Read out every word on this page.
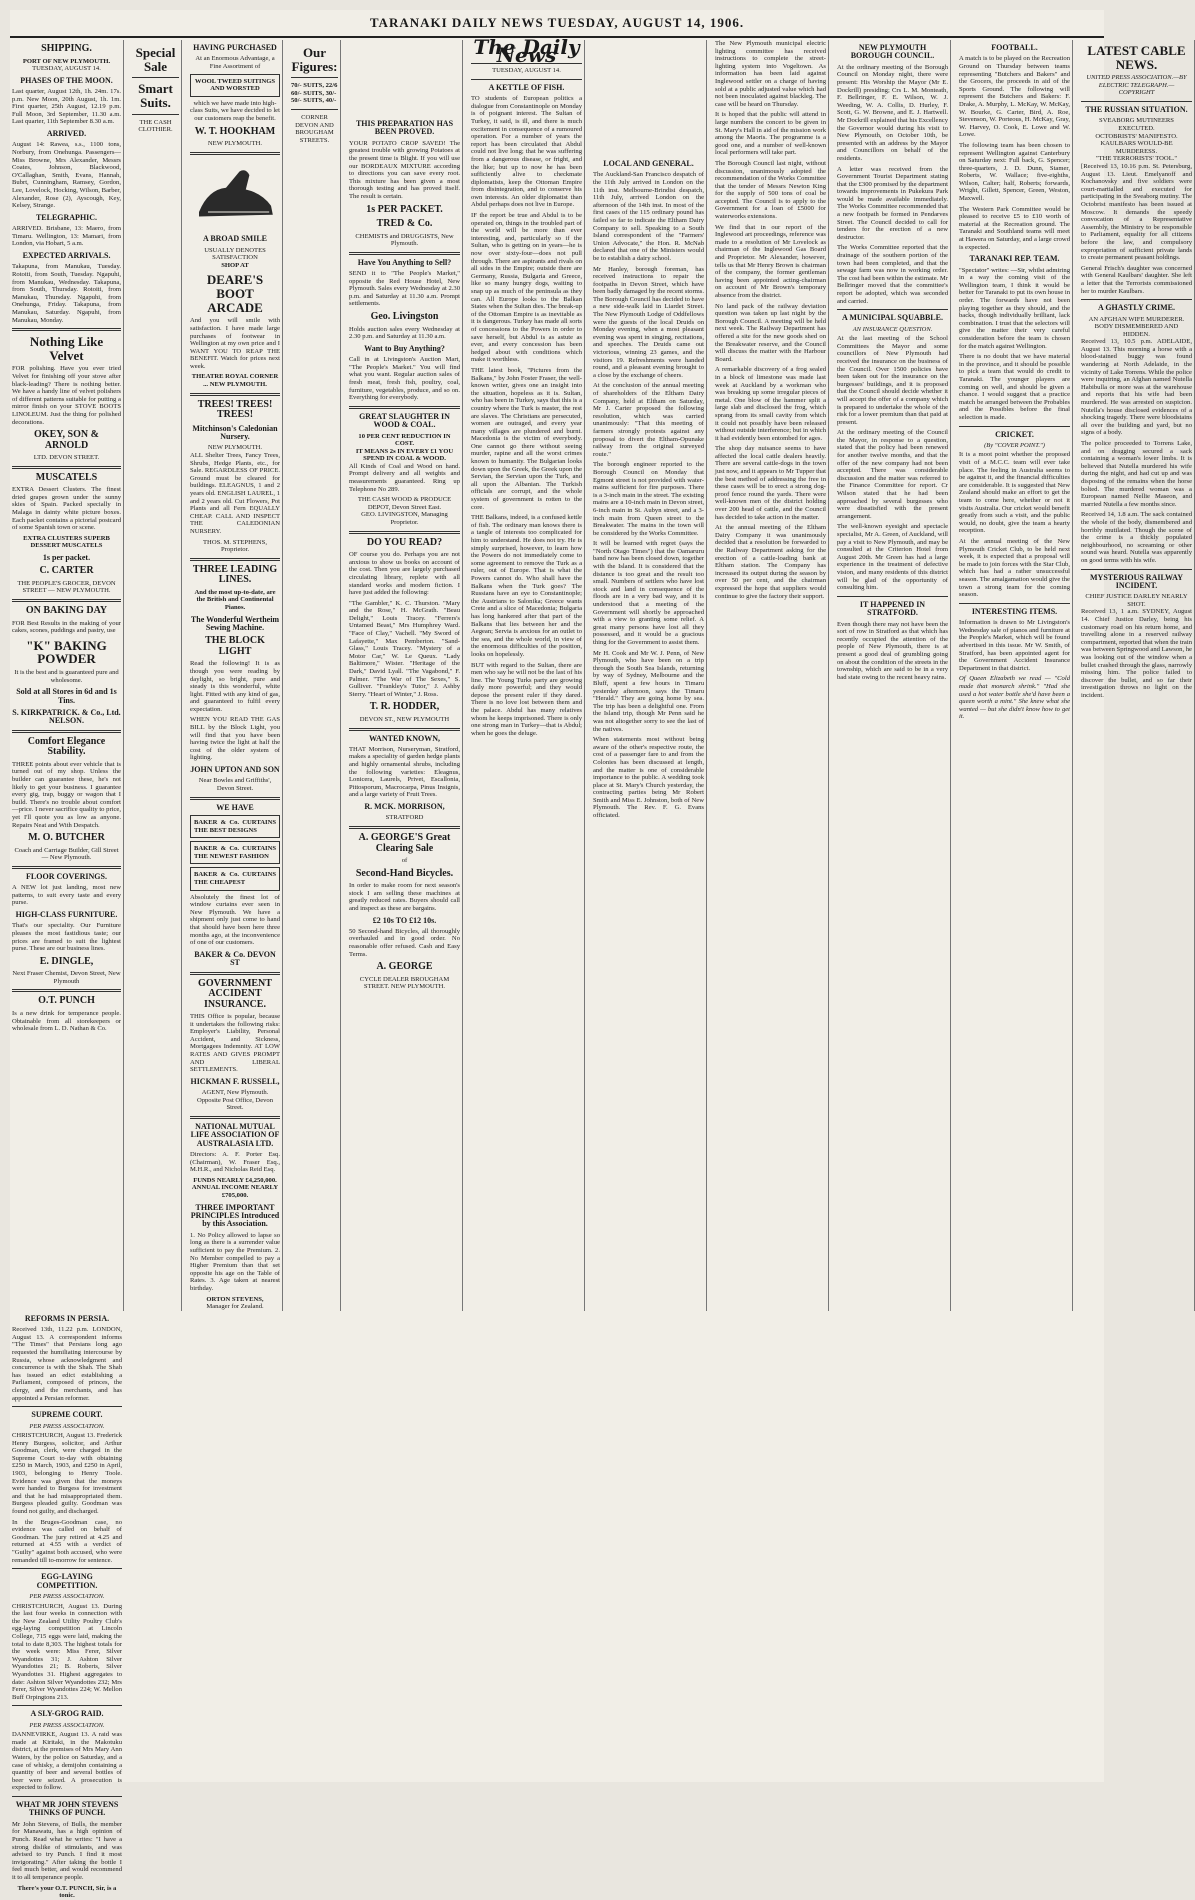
TARANAKI DAILY NEWS TUESDAY, AUGUST 14, 1906.
SHIPPING.
PORT OF NEW PLYMOUTH.
TUESDAY, AUGUST 14.
PHASES OF THE MOON.

Last quarter, August 12th, 1h. 24m. 17s. p.m. New Moon, 20th August, 1h. 1m. First quarter, 25th August, 12.19 p.m. Full Moon, 3rd September, 11.30 a.m. Last quarter, 11th September 8.30 a.m.

ARRIVED.

August 14: Rawea, s.s., 1100 tons, Norbury, from Onehunga. Passengers—Miss Browne, Mrs Alexander, Messrs Coates, Johnson, Blackwood, O'Callaghan, Smith, Evans, Hannah, Bubrt, Cunningham, Ramsey, Gordon, Lee, Lovelock, Hocking, Wilson, Barber, Alexander, Rose (2), Ayscough, Key, Kelsey, Strange.

TELEGRAPHIC.

ARRIVED. Brisbane, 13: Maero, from Timaru. Wellington, 13: Mamari, from London, via Hobart, 5 a.m.

EXPECTED ARRIVALS.

Takapuna, from Manukau, Tuesday. Rotoiti, from South, Tuesday. Ngapuhi, from Manukau, Wednesday. Takapuna, from South, Thursday. Rotoiti, from Manukau, Thursday. Ngapuhi, from Onehunga, Friday. Takapuna, from Manukau, Saturday. Ngapuhi, from Manukau, Monday.

Nothing Like Velvet

FOR polishing. Have you ever tried Velvet for finishing off your stove after black-leading? There is nothing better. We have a handy line of velvet polishers of different patterns suitable for putting a mirror finish on your STOVE BOOTS LINOLEUM. Just the thing for polished decorations.

OKEY, SON & ARNOLD
LTD. DEVON STREET.
MUSCATELS

EXTRA Dessert Clusters. The finest dried grapes grown under the sunny skies of Spain. Packed specially in Malaga in dainty white picture boxes. Each packet contains a pictorial postcard of some Spanish town or scene.

EXTRA CLUSTERS SUPERB DESSERT MUSCATELS
1s per packet.
C. CARTER
THE PEOPLE'S GROCER, DEVON STREET — NEW PLYMOUTH.
ON BAKING DAY

FOR Best Results in the making of your cakes, scones, puddings and pastry, use

"K" BAKING POWDER

It is the best and is guaranteed pure and wholesome.

Sold at all Stores in 6d and 1s Tins.
S. KIRKPATRICK. & Co., Ltd. NELSON.
Comfort Elegance Stability.

THREE points about ever vehicle that is turned out of my shop. Unless the builder can guarantee these, he's not likely to get your business. I guarantee every gig, trap, buggy or wagon that I build. There's no trouble about comfort—price. I never sacrifice quality to price, yet I'll quote you as low as anyone. Repairs Neat and With Despatch.

M. O. BUTCHER
Coach and Carriage Builder, Gill Street — New Plymouth.
FLOOR COVERINGS.

A NEW lot just landing, most new patterns, to suit every taste and every purse.

HIGH-CLASS FURNITURE.

That's our speciality. Our Furniture pleases the most fastidious taste; our prices are framed to suit the lightest purse. These are our business lines.

E. DINGLE,
Next Fraser Chemist, Devon Street, New Plymouth
O.T. PUNCH

Is a new drink for temperance people. Obtainable from all storekeepers or wholesale from L. D. Nathan & Co.

Special Sale
Smart Suits.
THE CASH CLOTHIER.
HAVING PURCHASED

At an Enormous Advantage, a Fine Assortment of

WOOL TWEED SUITINGS AND WORSTED

which we have made into high-class Suits, we have decided to let our customers reap the benefit.

W. T. HOOKHAM
NEW PLYMOUTH.
A BROAD SMILE
USUALLY DENOTES SATISFACTION
SHOP AT
DEARE'S BOOT ARCADE

And you will smile with satisfaction. I have made large purchases of footwear in Wellington at my own price and I WANT YOU TO REAP THE BENEFIT. Watch for prices next week.

THEATRE ROYAL CORNER ... NEW PLYMOUTH.
TREES! TREES! TREES!
Mitchinson's Caledonian Nursery.
NEW PLYMOUTH.

ALL Shelter Trees, Fancy Trees, Shrubs, Hedge Plants, etc., for Sale. REGARDLESS OF PRICE. Ground must be cleared for buildings. ELEAGNUS, 1 and 2 years old. ENGLISH LAUREL, 1 and 2 years old. Cut Flowers, Pot Plants and all Fern EQUALLY CHEAP. CALL AND INSPECT THE CALEDONIAN NURSERY.

THOS. M. STEPHENS, Proprietor.
THREE LEADING LINES.

And the most up-to-date, are the British and Continental Pianos.

The Wonderful Wertheim Sewing Machine.
THE BLOCK LIGHT

Read the following! It is as though you were reading by daylight, so bright, pure and steady is this wonderful, white light. Fitted with any kind of gas, and guaranteed to fulfil every expectation.

WHEN YOU READ THE GAS BILL by the Block Light, you will find that you have been having twice the light at half the cost of the older system of lighting.

JOHN UPTON AND SON
Near Bowles and Griffiths', Devon Street.
WE HAVE
BAKER & Co. CURTAINS THE BEST DESIGNS
BAKER & Co. CURTAINS THE NEWEST FASHION
BAKER & Co. CURTAINS THE CHEAPEST

Absolutely the finest lot of window curtains ever seen in New Plymouth. We have a shipment only just come to hand that should have been here three months ago, at the inconvenience of one of our customers.

BAKER & Co. DEVON ST
GOVERNMENT ACCIDENT INSURANCE.

THIS Office is popular, because it undertakes the following risks: Employer's Liability, Personal Accident, and Sickness, Mortgagees Indemnity. AT LOW RATES AND GIVES PROMPT AND LIBERAL SETTLEMENTS.

HICKMAN F. RUSSELL,
AGENT, New Plymouth. Opposite Post Office, Devon Street.
NATIONAL MUTUAL LIFE ASSOCIATION OF AUSTRALASIA LTD.

Directors: A. F. Porter Esq. (Chairman), W. Fraser Esq., M.H.R., and Nicholas Reid Esq.

FUNDS NEARLY £4,250,000.
ANNUAL INCOME NEARLY £705,000.
THREE IMPORTANT PRINCIPLES Introduced by this Association.

1. No Policy allowed to lapse so long as there is a surrender value sufficient to pay the Premium. 2. No Member compelled to pay a Higher Premium than that set opposite his age on the Table of Rates. 3. Age taken at nearest birthday.

ORTON STEVENS,
Manager for Zealand.
Our Figures:
70/- SUITS, 22/6
60/- SUITS, 30/-
50/- SUITS, 40/-
CORNER DEVON AND BROUGHAM STREETS.
THIS PREPARATION HAS BEEN PROVED.

YOUR POTATO CROP SAVED! The greatest trouble with growing Potatoes at the present time is Blight. If you will use our BORDEAUX MIXTURE according to directions you can save every root. This mixture has been given a most thorough testing and has proved itself. The result is certain.

1s PER PACKET.
TRED & Co.
CHEMISTS and DRUGGISTS, New Plymouth.
Have You Anything to Sell?

SEND it to "The People's Market," opposite the Red House Hotel, New Plymouth. Sales every Wednesday at 2.30 p.m. and Saturday at 11.30 a.m. Prompt settlements.

Geo. Livingston

Holds auction sales every Wednesday at 2.30 p.m. and Saturday at 11.30 a.m.

Want to Buy Anything?

Call in at Livingston's Auction Mart, "The People's Market." You will find what you want. Regular auction sales of fresh meat, fresh fish, poultry, coal, furniture, vegetables, produce, and so on. Everything for everybody.

GREAT SLAUGHTER IN WOOD & COAL.
10 PER CENT REDUCTION IN COST.
IT MEANS 2s IN EVERY £1 YOU SPEND IN COAL & WOOD.

All Kinds of Coal and Wood on hand. Prompt delivery and all weights and measurements guaranteed. Ring up Telephone No 289.

THE CASH WOOD & PRODUCE DEPOT, Devon Street East.
GEO. LIVINGSTON, Managing Proprietor.
DO YOU READ?

OF course you do. Perhaps you are not anxious to show us books on account of the cost. Then you are largely purchased circulating library, replete with all standard works and modern fiction. I have just added the following:

"The Gambler," K. C. Thurston. "Mary and the Rose," H. McGrath. "Beau Delight," Louis Tracey. "Ferrers's Untamed Beast," Mrs Humphrey Ward. "Face of Clay," Vachell. "My Sword of Lafayette," Max Pemberton. "Sand-Glass," Louis Tracey. "Mystery of a Motor Car," W. Le Queux. "Lady Baltimore," Wister. "Heritage of the Dark," David Lyall. "The Vagabond," F. Palmer. "The War of The Sexes," S. Gulliver. "Frankley's Tutor," J. Ashby Sterry. "Heart of Winter," J. Ross.

T. R. HODDER,
DEVON ST., NEW PLYMOUTH
WANTED KNOWN,

THAT Morrison, Nurseryman, Stratford, makes a speciality of garden hedge plants and highly ornamental shrubs, including the following varieties: Eleagnus, Lonicera, Laurels, Privet, Escallonia, Pittosporum, Macrocarpa, Pinus Insignis, and a large variety of Fruit Trees.

R. MCK. MORRISON,
STRATFORD
A. GEORGE'S Great Clearing Sale
of
Second-Hand Bicycles.

In order to make room for next season's stock I am selling these machines at greatly reduced rates. Buyers should call and inspect as these are bargains.

£2 10s TO £12 10s.

50 Second-hand Bicycles, all thoroughly overhauled and in good order. No reasonable offer refused. Cash and Easy Terms.

A. GEORGE
CYCLE DEALER BROUGHAM STREET. NEW PLYMOUTH.
The Daily News
TUESDAY, AUGUST 14.
A KETTLE OF FISH.

TO students of European politics a dialogue from Constantinople on Monday is of poignant interest. The Sultan of Turkey, it said, is ill, and there is much excitement in consequence of a rumoured operation. For a number of years the report has been circulated that Abdul could not live long; that he was suffering from a dangerous disease, or fright, and the like; but up to now he has been sufficiently alive to checkmate diplomatists, keep the Ottoman Empire from disintegration, and to conserve his own interests. An older diplomatist than Abdul perhaps does not live in Europe.

IF the report be true and Abdul is to be operated on, things in the troubled part of the world will be more than ever interesting, and, particularly so if the Sultan, who is getting on in years—he is now over sixty-four—does not pull through. There are aspirants and rivals on all sides in the Empire; outside there are Germany, Russia, Bulgaria and Greece, like so many hungry dogs, waiting to snap up as much of the peninsula as they can. All Europe looks to the Balkan States when the Sultan dies. The break-up of the Ottoman Empire is as inevitable as it is dangerous. Turkey has made all sorts of concessions to the Powers in order to save herself, but Abdul is as astute as ever, and every concession has been hedged about with conditions which make it worthless.

THE latest book, "Pictures from the Balkans," by John Foster Fraser, the well-known writer, gives one an insight into the situation, hopeless as it is. Sultan, who has been in Turkey, says that this is a country where the Turk is master, the rest are slaves. The Christians are persecuted, women are outraged, and every year many villages are plundered and burnt. Macedonia is the victim of everybody. One cannot go there without seeing murder, rapine and all the worst crimes known to humanity. The Bulgarian looks down upon the Greek, the Greek upon the Servian, the Servian upon the Turk, and all upon the Albanian. The Turkish officials are corrupt, and the whole system of government is rotten to the core.

THE Balkans, indeed, is a confused kettle of fish. The ordinary man knows there is a tangle of interests too complicated for him to understand. He does not try. He is simply surprised, however, to learn how the Powers do not immediately come to some agreement to remove the Turk as a ruler, out of Europe. That is what the Powers cannot do. Who shall have the Balkans when the Turk goes? The Russians have an eye to Constantinople; the Austrians to Salonika; Greece wants Crete and a slice of Macedonia; Bulgaria has long hankered after that part of the Balkans that lies between her and the Aegean; Servia is anxious for an outlet to the sea, and the whole world, in view of the enormous difficulties of the position, looks on hopelessly.

BUT with regard to the Sultan, there are men who say he will not be the last of his line. The Young Turks party are growing daily more powerful; and they would depose the present ruler if they dared. There is no love lost between them and the palace. Abdul has many relatives whom he keeps imprisoned. There is only one strong man in Turkey—that is Abdul; when he goes the deluge.

LOCAL AND GENERAL.

The Auckland-San Francisco despatch of the 11th July arrived in London on the 11th inst. Melbourne-Brindisi despatch, 11th July, arrived London on the afternoon of the 14th inst. In most of the first cases of the 115 ordinary pound has failed so far to indicate the Eltham Dairy Company to sell. Speaking to a South Island correspondent of the "Farmers' Union Advocate," the Hon. R. McNab declared that one of the Ministers would be to establish a dairy school.

Mr Hanley, borough foreman, has received instructions to repair the footpaths in Devon Street, which have been badly damaged by the recent storms. The Borough Council has decided to have a new side-walk laid in Liardet Street. The New Plymouth Lodge of Oddfellows were the guests of the local Druids on Monday evening, when a most pleasant evening was spent in singing, recitations, and speeches. The Druids came out victorious, winning 23 games, and the visitors 19. Refreshments were handed round, and a pleasant evening brought to a close by the exchange of cheers.

At the conclusion of the annual meeting of shareholders of the Eltham Dairy Company, held at Eltham on Saturday, Mr J. Carter proposed the following resolution, which was carried unanimously: "That this meeting of farmers strongly protests against any proposal to divert the Eltham-Opunake railway from the original surveyed route."

The borough engineer reported to the Borough Council on Monday that Egmont street is not provided with water-mains sufficient for fire purposes. There is a 3-inch main in the street. The existing mains are a 10-inch main in Devon street, 6-inch main in St. Aubyn street, and a 3-inch main from Queen street to the Breakwater. The mains in the town will be considered by the Works Committee.

It will be learned with regret (says the "North Otago Times") that the Oamaruru band now has been closed down, together with the Island. It is considered that the distance is too great and the result too small. Numbers of settlers who have lost stock and land in consequence of the floods are in a very bad way, and it is understood that a meeting of the Government will shortly be approached with a view to granting some relief. A great many persons have lost all they possessed, and it would be a gracious thing for the Government to assist them.

Mr H. Cook and Mr W. J. Penn, of New Plymouth, who have been on a trip through the South Sea Islands, returning by way of Sydney, Melbourne and the Bluff, spent a few hours in Timaru yesterday afternoon, says the Timaru "Herald." They are going home by sea. The trip has been a delightful one. From the Island trip, though Mr Penn said he was not altogether sorry to see the last of the natives.

When statements most without being aware of the other's respective route, the cost of a passenger fare to and from the Colonies has been discussed at length, and the matter is one of considerable importance to the public. A wedding took place at St. Mary's Church yesterday, the contracting parties being Mr Robert Smith and Miss E. Johnston, both of New Plymouth. The Rev. F. G. Evans officiated.

The New Plymouth municipal electric lighting committee has received instructions to complete the street-lighting system into Vogeltown. As information has been laid against Inglewood settler on a charge of having sold at a public adjusted value which had not been inoculated against blackleg. The case will be heard on Thursday.

It is hoped that the public will attend in large numbers the concert to be given in St. Mary's Hall in aid of the mission work among the Maoris. The programme is a good one, and a number of well-known local performers will take part.

The Borough Council last night, without discussion, unanimously adopted the recommendation of the Works Committee that the tender of Messrs Newton King for the supply of 500 tons of coal be accepted. The Council is to apply to the Government for a loan of £5000 for waterworks extensions.

We find that in our report of the Inglewood art proceedings, reference was made to a resolution of Mr Lovelock as chairman of the Inglewood Gas Board and Proprietor. Mr Alexander, however, tells us that Mr Henry Brown is chairman of the company, the former gentleman having been appointed acting-chairman on account of Mr Brown's temporary absence from the district.

No land pack of the railway deviation question was taken up last night by the Borough Council. A meeting will be held next week. The Railway Department has offered a site for the new goods shed on the Breakwater reserve, and the Council will discuss the matter with the Harbour Board.

A remarkable discovery of a frog sealed in a block of limestone was made last week at Auckland by a workman who was breaking up some irregular pieces of metal. One blow of the hammer split a large slab and disclosed the frog, which sprang from its small cavity from which it could not possibly have been released without outside interference; but in which it had evidently been entombed for ages.

The shop day nuisance seems to have affected the local cattle dealers heavily. There are several cattle-dogs in the town just now, and it appears to Mr Tupper that the best method of addressing the free in these cases will be to erect a strong dog-proof fence round the yards. There were well-known men of the district holding over 200 head of cattle, and the Council has decided to take action in the matter.

At the annual meeting of the Eltham Dairy Company it was unanimously decided that a resolution be forwarded to the Railway Department asking for the erection of a cattle-loading bank at Eltham station. The Company has increased its output during the season by over 50 per cent, and the chairman expressed the hope that suppliers would continue to give the factory their support.

NEW PLYMOUTH BOROUGH COUNCIL.

At the ordinary meeting of the Borough Council on Monday night, there were present: His Worship the Mayor (Mr E. Dockrill) presiding; Crs L. M. Monteath, F. Bellringer, F. E. Wilson, W. J. Weeding, W. A. Collis, D. Hurley, F. Scott, G. W. Browne, and E. J. Hartwell. Mr Dockrill explained that his Excellency the Governor would during his visit to New Plymouth, on October 10th, be presented with an address by the Mayor and Councillors on behalf of the residents.

A letter was received from the Government Tourist Department stating that the £300 promised by the department towards improvements in Pukekura Park would be made available immediately. The Works Committee recommended that a new footpath be formed in Pendarves Street. The Council decided to call for tenders for the erection of a new destructor.

The Works Committee reported that the drainage of the southern portion of the town had been completed, and that the sewage farm was now in working order. The cost had been within the estimate. Mr Bellringer moved that the committee's report be adopted, which was seconded and carried.

A MUNICIPAL SQUABBLE.
AN INSURANCE QUESTION.

At the last meeting of the School Committees the Mayor and some councillors of New Plymouth had received the insurance on the business of the Council. Over 1500 policies have been taken out for the insurance on the burgesses' buildings, and it is proposed that the Council should decide whether it will accept the offer of a company which is prepared to undertake the whole of the risk for a lower premium than that paid at present.

At the ordinary meeting of the Council the Mayor, in response to a question, stated that the policy had been renewed for another twelve months, and that the offer of the new company had not been accepted. There was considerable discussion and the matter was referred to the Finance Committee for report. Cr Wilson stated that he had been approached by several burgesses who were dissatisfied with the present arrangement.

The well-known eyesight and spectacle specialist, Mr A. Green, of Auckland, will pay a visit to New Plymouth, and may be consulted at the Criterion Hotel from August 20th. Mr Green has had a large experience in the treatment of defective vision, and many residents of this district will be glad of the opportunity of consulting him.

IT HAPPENED IN STRATFORD.

Even though there may not have been the sort of row in Stratford as that which has recently occupied the attention of the people of New Plymouth, there is at present a good deal of grumbling going on about the condition of the streets in the township, which are said to be in a very bad state owing to the recent heavy rains.

FOOTBALL.

A match is to be played on the Recreation Ground on Thursday between teams representing "Butchers and Bakers" and the Grocers, the proceeds in aid of the Sports Ground. The following will represent the Butchers and Bakers: F. Drake, A. Murphy, L. McKay, W. McKay, W. Bourke, G. Carter, Bird, A. Roe, Stevenson, W. Porteous, H. McKay, Gray, W. Harvey, O. Cook, E. Lowe and W. Lowe.

The following team has been chosen to represent Wellington against Canterbury on Saturday next: Full back, G. Spencer; three-quarters, J. D. Dunn, Stamer, Roberts, W. Wallace; five-eighths, Wilson, Calter; half, Roberts; forwards, Wright, Gillett, Spencer, Green, Weston, Maxwell.

The Western Park Committee would be pleased to receive £5 to £10 worth of material at the Recreation ground. The Taranaki and Southland teams will meet at Hawera on Saturday, and a large crowd is expected.

TARANAKI REP. TEAM.

"Spectator" writes: —Sir, whilst admiring in a way the coming visit of the Wellington team, I think it would be better for Taranaki to put its own house in order. The forwards have not been playing together as they should, and the backs, though individually brilliant, lack combination. I trust that the selectors will give the matter their very careful consideration before the team is chosen for the match against Wellington.

There is no doubt that we have material in the province, and it should be possible to pick a team that would do credit to Taranaki. The younger players are coming on well, and should be given a chance. I would suggest that a practice match be arranged between the Probables and the Possibles before the final selection is made.

CRICKET.
(By "COVER POINT.")

It is a moot point whether the proposed visit of a M.C.C. team will ever take place. The feeling in Australia seems to be against it, and the financial difficulties are considerable. It is suggested that New Zealand should make an effort to get the team to come here, whether or not it visits Australia. Our cricket would benefit greatly from such a visit, and the public would, no doubt, give the team a hearty reception.

At the annual meeting of the New Plymouth Cricket Club, to be held next week, it is expected that a proposal will be made to join forces with the Star Club, which has had a rather unsuccessful season. The amalgamation would give the town a strong team for the coming season.

INTERESTING ITEMS.

Information is drawn to Mr Livingston's Wednesday sale of pianos and furniture at the People's Market, which will be found advertised in this issue. Mr W. Smith, of Stratford, has been appointed agent for the Government Accident Insurance Department in that district.

Of Queen Elizabeth we read — "Cold made that monarch shrink." "Had she used a hot water bottle she'd have been a queen worth a mint." She knew what she wanted — but she didn't know how to get it.

LATEST CABLE NEWS.
UNITED PRESS ASSOCIATION.—BY ELECTRIC TELEGRAPH.—COPYRIGHT
THE RUSSIAN SITUATION.
SVEABORG MUTINEERS EXECUTED.
OCTOBRISTS' MANIFESTO.
KAULBARS WOULD-BE MURDERESS.
"THE TERRORISTS' TOOL."

[Received 13, 10.16 p.m. St. Petersburg, August 13. Lieut. Emelyanoff and Kochanovsky and five soldiers were court-martialled and executed for participating in the Sveaborg mutiny. The Octobrist manifesto has been issued at Moscow. It demands the speedy convocation of a Representative Assembly, the Ministry to be responsible to Parliament, equality for all citizens before the law, and compulsory expropriation of sufficient private lands to create permanent peasant holdings.

General Frisch's daughter was concerned with General Kaulbars' daughter. She left a letter that the Terrorists commissioned her to murder Kaulbars.

A GHASTLY CRIME.
AN AFGHAN WIFE MURDERER.
BODY DISMEMBERED AND HIDDEN.

Received 13, 10.5 p.m. ADELAIDE, August 13. This morning a horse with a blood-stained buggy was found wandering at North Adelaide, in the vicinity of Lake Torrens. While the police were inquiring, an Afghan named Nutella Habibulla or more was at the warehouse and reports that his wife had been murdered. He was arrested on suspicion. Nutella's house disclosed evidences of a shocking tragedy. There were bloodstains all over the building and yard, but no signs of a body.

The police proceeded to Torrens Lake, and on dragging secured a sack containing a woman's lower limbs. It is believed that Nutella murdered his wife during the night, and had cut up and was disposing of the remains when the horse bolted. The murdered woman was a European named Nellie Maseon, and married Nutella a few months since.

Received 14, 1.8 a.m. The sack contained the whole of the body, dismembered and horribly mutilated. Though the scene of the crime is a thickly populated neighbourhood, no screaming or other sound was heard. Nutella was apparently on good terms with his wife.

MYSTERIOUS RAILWAY INCIDENT.
CHIEF JUSTICE DARLEY NEARLY SHOT.

Received 13, 1 a.m. SYDNEY, August 14. Chief Justice Darley, being his customary road on his return home, and travelling alone in a reserved railway compartment, reported that when the train was between Springwood and Lawson, he was looking out of the window when a bullet crashed through the glass, narrowly missing him. The police failed to discover the bullet, and so far their investigation throws no light on the incident.

REFORMS IN PERSIA.

Received 13th, 11.22 p.m. LONDON, August 13. A correspondent informs "The Times" that Persians long ago requested the humiliating intercourse by Russia, whose acknowledgment and concurrence is with the Shah. The Shah has issued an edict establishing a Parliament, composed of princes, the clergy, and the merchants, and has appointed a Persian reformer.

SUPREME COURT.
PER PRESS ASSOCIATION.

CHRISTCHURCH, August 13. Frederick Henry Burgess, solicitor, and Arthur Goodman, clerk, were charged in the Supreme Court to-day with obtaining £250 in March, 1903, and £250 in April, 1903, belonging to Henry Toole. Evidence was given that the moneys were handed to Burgess for investment and that he had misappropriated them. Burgess pleaded guilty. Goodman was found not guilty, and discharged.

In the Bruges-Goodman case, no evidence was called on behalf of Goodman. The jury retired at 4.25 and returned at 4.55 with a verdict of "Guilty" against both accused, who were remanded till to-morrow for sentence.

EGG-LAYING COMPETITION.
PER PRESS ASSOCIATION.

CHRISTCHURCH, August 13. During the last four weeks in connection with the New Zealand Utility Poultry Club's egg-laying competition at Lincoln College, 715 eggs were laid, making the total to date 8,303. The highest totals for the week were: Miss Ferer, Silver Wyandottes 31; J. Ashton Silver Wyandottes 21; B. Roberts, Silver Wyandottes 31. Highest aggregates to date: Ashton Silver Wyandottes 232; Mrs Ferer, Silver Wyandottes 224; W. Mellon Buff Orpingtons 213.

A SLY-GROG RAID.
PER PRESS ASSOCIATION.

DANNEVIRKE, August 13. A raid was made at Kiritaki, in the Makotuku district, at the premises of Mrs Mary Ann Waters, by the police on Saturday, and a case of whisky, a demijohn containing a quantity of beer and several bottles of beer were seized. A prosecution is expected to follow.

WHAT MR JOHN STEVENS THINKS OF PUNCH.

Mr John Stevens, of Bulls, the member for Manawatu, has a high opinion of Punch. Read what he writes: "I have a strong dislike of stimulants, and was advised to try Punch. I find it most invigorating." After taking the bottle I feel much better, and would recommend it to all temperance people.

There's your O.T. PUNCH, Sir, is a tonic.
